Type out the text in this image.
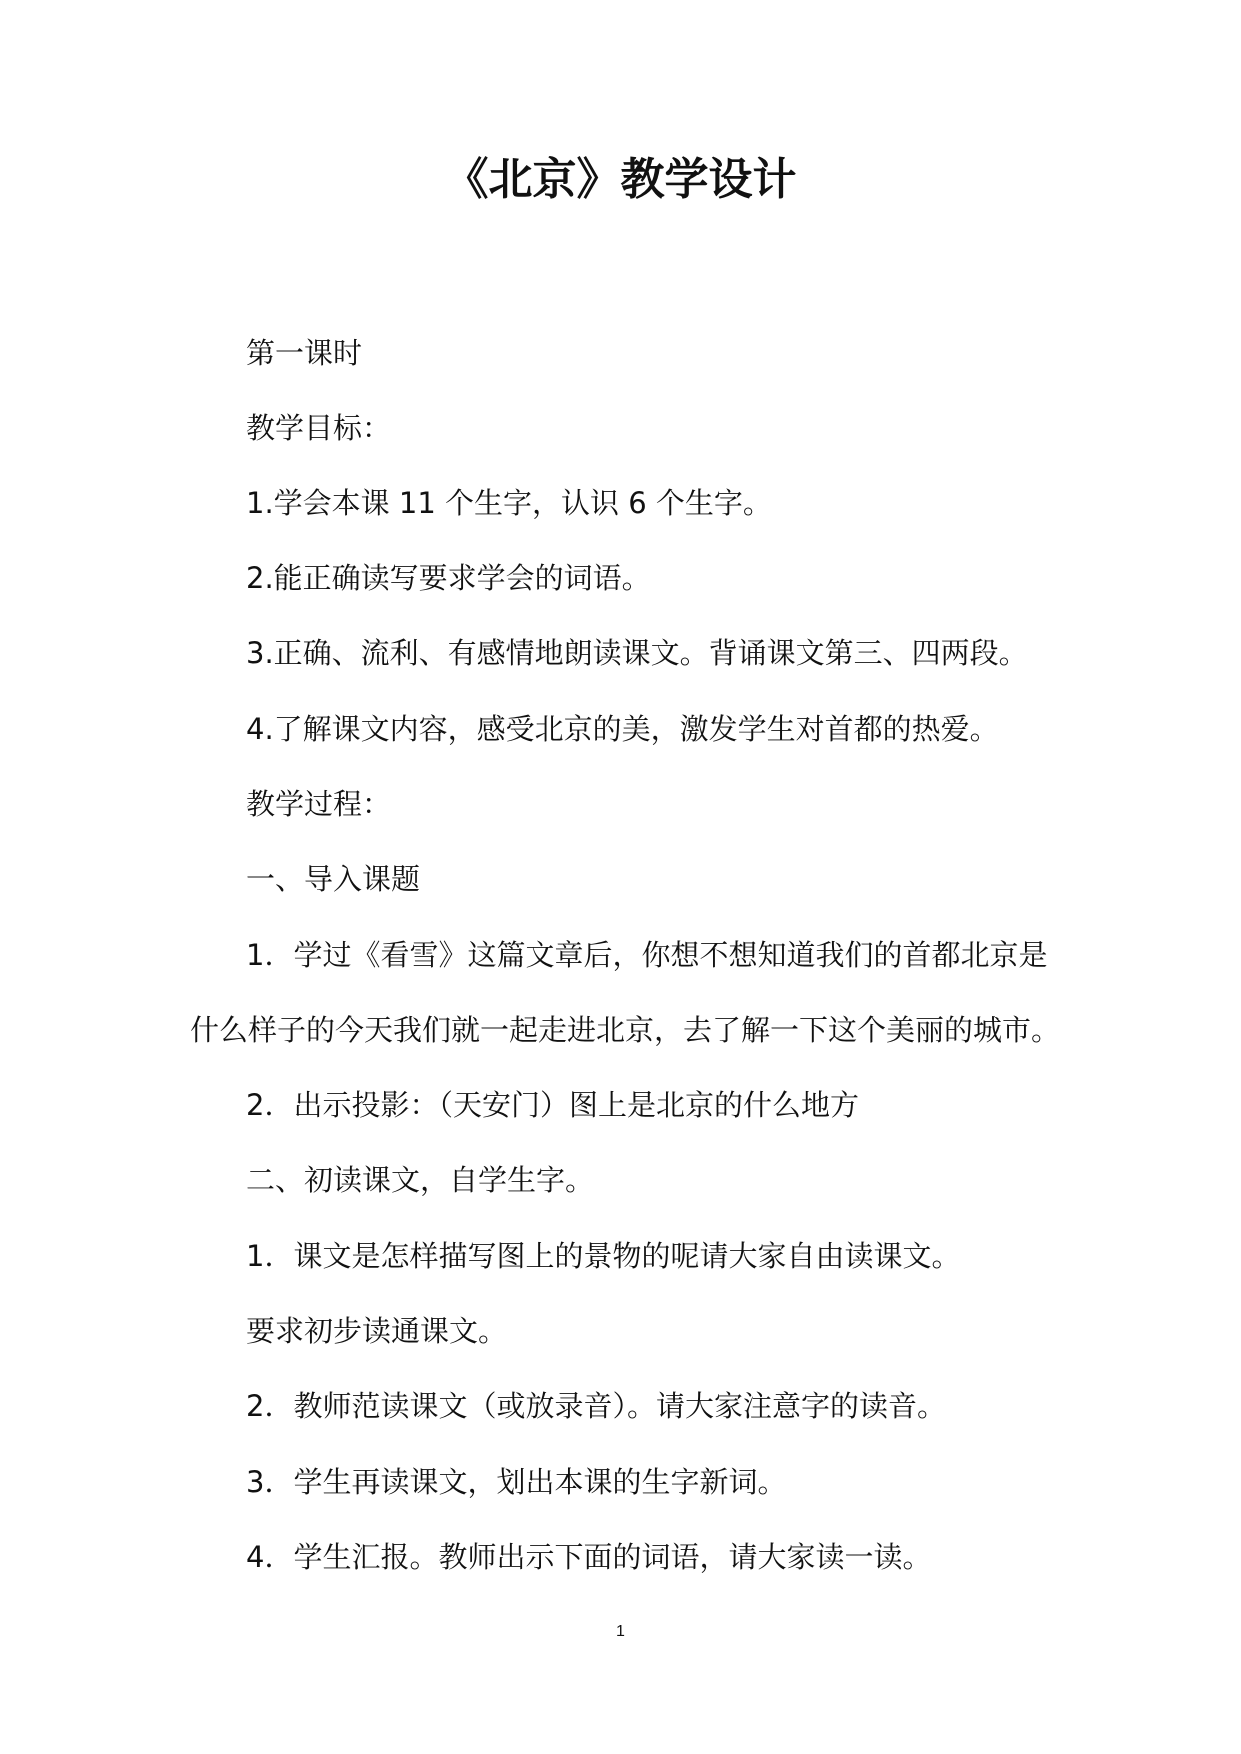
《北京》教学设计
第一课时
教学目标：
1.学会本课 11 个生字，认识 6 个生字。
2.能正确读写要求学会的词语。
3.正确、流利、有感情地朗读课文。背诵课文第三、四两段。
4.了解课文内容，感受北京的美，激发学生对首都的热爱。
教学过程：
一、导入课题
1．学过《看雪》这篇文章后，你想不想知道我们的首都北京是
什么样子的今天我们就一起走进北京，去了解一下这个美丽的城市。
2．出示投影：（天安门）图上是北京的什么地方
二、初读课文，自学生字。
1．课文是怎样描写图上的景物的呢请大家自由读课文。
要求初步读通课文。
2．教师范读课文（或放录音）。请大家注意字的读音。
3．学生再读课文，划出本课的生字新词。
4．学生汇报。教师出示下面的词语，请大家读一读。
1
